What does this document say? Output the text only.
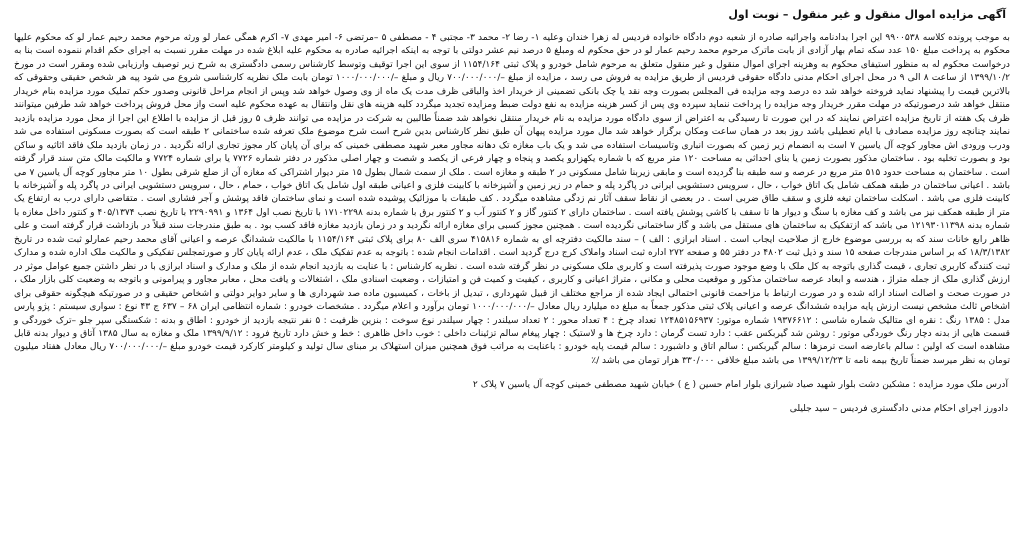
آگهی مزایده اموال منقول و غیر منقول – نوبت اول

به موجب پرونده کلاسه ۹۹۰۰۵۳۸ این اجرا بدادنامه واجرائیه صادره از شعبه دوم دادگاه خانواده فردیس له زهرا خندان وعلیه ۱- رضا ۲- محمد ۳- مجتبی ۴ - مصطفی ۵ –مرتضی ۶- امیر مهدی ۷- اکرم همگی عمار لو ورثه مرحوم محمد رحیم عمار لو که محکوم علیها محکوم به پرداخت مبلغ ۱۵۰ عدد سکه تمام بهار آزادی از بابت ماترک مرحوم محمد رحیم عمار لو در حق محکوم له ومبلغ ۵ درصد نیم عشر دولتی با توجه به اینکه اجرائیه صادره به محکوم علیه ابلاغ شده در مهلت مقرر نسبت به اجرای حکم اقدام ننموده است بنا به درخواست محکوم له به منظور استیفای محکوم به وهزینه اجرای اموال منقول و غیر منقول متعلق به مرحوم شامل خودرو و پلاک ثبتی ۱۱۵۴/۱۶۴ از سوی این اجرا توقیف وتوسط کارشناس رسمی دادگستری به شرح زیر توصیف وارزیابی شده ومقرر است در مورخ ۱۳۹۹/۱۰/۲ از ساعت ۸ الی ۹ در محل اجرای احکام مدنی دادگاه حقوقی فردیس از طریق مزایده به فروش می رسد ، مزایده از مبلغ –/۷۰۰/۰۰۰/۰۰۰ ریال و مبلغ –/۱۰۰۰/۰۰۰/۰۰۰ تومان بابت ملک نظریه کارشناسی شروع می شود پیه هر شخص حقیقی وحقوقی که بالاترین قیمت را پیشنهاد نماید فروخته خواهد شد ده درصد وجه مزایده فی المجلس بصورت وجه نقد یا چک بانکی تضمینی از خریدار اخذ والباقی ظرف مدت یک ماه از وی وصول خواهد شد وپس از انجام مراحل قانونی وصدور حکم تملیک مورد مزایده بنام خریدار منتقل خواهد شد درصورتیکه در مهلت مقرر خریدار وجه مزایده را پرداخت ننماید سپرده وی پس از کسر هزینه مزایده به نفع دولت ضبط ومزایده تجدید میگردد کلیه هزینه های نقل وانتقال به عهده محکوم علیه است واز محل فروش پرداخت خواهد شد طرفین میتوانند ظرف یک هفته از تاریخ مزایده اعتراض نمایند که در این صورت تا رسیدگی به اعتراض از سوی دادگاه مورد مزایده به نام خریدار منتقل نخواهد شد ضمناً طالبین به شرکت در مزایده می توانند ظرف ۵ روز قبل از مزایده با اطلاع این اجرا از محل مورد مزایده بازدید نمایند چنانچه روز مزایده مصادف با ایام تعطیلی باشد روز بعد در همان ساعت ومکان برگزار خواهد شد مال مورد مزایده پیهان آن طبق نظر کارشناس بدین شرح است شرح موضوع ملک تعرفه شده ساختمانی ۲ طبقه است که بصورت مسکونی استفاده می شد ودرب ورودی اش مجاور کوچه آل یاسین ۷ است به انضمام زیر زمین که بصورت انباری وتاسیسات استفاده می شد و یک باب مغازه تک دهانه مجاور معبر شهید مصطفی خمینی که برای آن پایان کار مجوز تجاری ارائه نگردید . در زمان بازدید ملک فاقد اثاثیه و ساکن بود و بصورت تخلیه بود . ساختمان مذکور بصورت زمین یا بنای احداثی به مساحت ۱۲۰ متر مربع که با شماره یکهزارو یکصد و پنجاه و چهار فرعی از یکصد و شصت و چهار اصلی مذکور در دفتر شماره ۷۷۲۶ یا برای شماره ۷۷۲۴ و مالکیت مالک متن سند قرار گرفته است . ساختمان به مساحت حدود ۵۱۵ متر مربع در عرصه و سه طبقه بنا گردیده است و مابقی زیربنا شامل مسکونی در ۲ طبقه و مغازه است . ملک از سمت شمال بطول ۱۵ متر دیوار اشتراکی که مغازه آن از ضلع شرقی بطول ۱۰ متر مجاور کوچه آل یاسین ۷ می باشد . اعیانی ساختمان در طبقه همکف شامل یک اتاق خواب ، حال ، سرویس دستشویی ایرانی در پاگرد پله و حمام در زیر زمین و آشپزخانه با کابینت فلزی و اعیانی طبقه اول شامل یک اتاق خواب ، حمام ، حال ، سرویس دستشویی ایرانی در پاگرد پله و آشپزخانه با کابینت فلزی می باشد . اسکلت ساختمان تیغه فلزی و سقف طاق ضربی است . در بعضی از نقاط سقف آثار نم زدگی مشاهده میگردد . کف طبقات با موزائیک پوشیده شده است و نمای ساختمان فاقد پوشش و آجر فشاری است . متقاضی دارای درب به ارتفاع یک متر از طبقه همکف نیز می باشد و کف مغازه با سنگ و دیوار ها تا سقف با کاشی پوشش یافته است . ساختمان دارای ۲ کنتور گاز و ۲ کنتور آب و ۲ کنتور برق با شماره بدنه ۱۷۱۰۲۲۹۸ با تاریخ نصب اول ۱۳۶۴ و ۲۲۹۰۹۹۱ با تاریخ نصب ۴۰۵/۱۳۷۴ و کنتور داخل مغازه با شماره بدنه ۱۲۱۹۳۰۱۱۳۹۸ می باشد که ازتفکیک به ساختمان های مستقل می باشد و گاز ساختمانی نگردیده است . همچنین مجوز کسبی برای مغازه ارائه نگردید و در زمان بازدید مغازه فاقد کسب بود . به طبق مندرجات سند قبلاً در بازداشت قرار گرفته است و علی ظاهر رابع خانات سند که به بررسی موضوع خارج از صلاحیت ایجاب است . اسناد ابرازی : الف ) – سند مالکیت دفترچه ای به شماره ۴۱۵۸۱۶ سری الف ۸۰ برای پلاک ثبتی ۱۱۵۴/۱۶۴ با مالکیت ششدانگ عرصه و اعیانی آقای محمد رحیم عمارلو ثبت شده در تاریخ ۱۸/۳/۱۳۸۲ که بر اساس مندرجات صفحه ۱۵ سند و ذیل ثبت ۴۸۰۲ در دفتر ۵۵ و صفحه ۲۷۲ اداره ثبت اسناد واملاک کرج درج گردید است . اقدامات انجام شده : باتوجه به عدم تفکیک ملک ، عدم ارائه پایان کار و صورتمجلس تفکیکی و مالکیت ملک اداره شده و مدارک ثبت کنندگه کاربری تجاری ، قیمت گذاری باتوجه به کل ملک با وضع موجود صورت پذیرفته است و کاربری ملک مسکونی در نظر گرفته شده است . نظریه کارشناس : با عنایت به بازدید انجام شده از ملک و مدارک و اسناد ابرازی با در نظر داشتن جمیع عوامل موثر در ارزش گذاری ملک از جمله متراژ ، هندسه و ابعاد عرصه ساختمان مذکور و موقعیت محلی و مکانی ، متراژ اعیانی و کاربری ، کیفیت و کمیت فن و امتیازات ، وضعیت اسنادی ملک ، اشتغالات و یافت محل ، معابر مجاور و پیرامونی و باتوجه به وضعیت کلی بازار ملک ، در صورت صحت و اصالت اسناد ارائه شده و در صورت ارتباط با مزاحمت قانونی احتمالی ایجاد شده از مراجع مختلف از قبیل شهرداری ، تبدیل از باخات ، کمیسیون ماده صد شهرداری ها و سایر دوایر دولتی و اشخاص حقیقی و در صورتیکه هیچگونه حقوقی برای اشخاص ثالث مشخص نیست ارزش پایه مزایده ششدانگ عرصه و اعیانی پلاک ثبتی مذکور جمعاً به مبلغ ده میلیارد ریال معادل –/۱۰۰۰/۰۰۰/۰۰۰ تومان برآورد و اعلام میگردد . مشخصات خودرو : شماره انتظامی ایران ۶۸ – ۶۳۷ ج ۴۳ نوع : سواری سیستم : پژو پارس مدل : ۱۳۸۵ رنگ : نقره ای متالیک شماره شاسی : ۱۹۳۷۶۶۱۲ شماره موتور: ۱۲۴۸۵۱۵۶۹۳۷ تعداد چرخ : ۴ تعداد محور : ۲ تعداد سیلندر : چهار سیلندر نوع سوخت : بنزین ظرفیت : ۵ نفر نتیجه بازدید از خودرو : اطاق و بدنه : شکستگی سپر جلو –ترک خوردگی و قسمت هایی از بدنه دچار رنگ خوردگی موتور : روشن شد گیربکس عقب : دارد تست گرمان : دارد چرخ ها و لاستیک : چهار پیغام سالم تزئینات داخلی : خوب داخل ظاهری : خط و خش دارد تاریخ فرود : ۱۳۹۹/۹/۱۲ ملک و مغازه به سال ۱۳۸۵ آتاق و دیوار بدنه قابل مشاهده است که اولین : سالم باعارضه است ترمزها : سالم گیربکس : سالم اتاق و داشبورد : سالم قیمت پایه خودرو : باعنایت به مراتب فوق همچنین میزان استهلاک بر مبنای سال تولید و کیلومتر کارکرد قیمت خودرو مبلغ –/۷۰۰/۰۰۰/۰۰۰ ریال معادل هفتاد میلیون تومان به نظر میرسد ضمناً تاریخ بیمه نامه تا ۱۳۹۹/۱۲/۲۳ می باشد مبلغ خلافی ۳۳۰/۰۰۰ هزار تومان می باشد /٪

آدرس ملک مورد مزایده : مشکین دشت بلوار شهید صیاد شیرازی بلوار امام حسین ( ع ) خیابان شهید مصطفی خمینی کوچه آل یاسین ۷ پلاک ۲
دادورز اجرای احکام مدنی دادگستری فردیس – سید جلیلی
